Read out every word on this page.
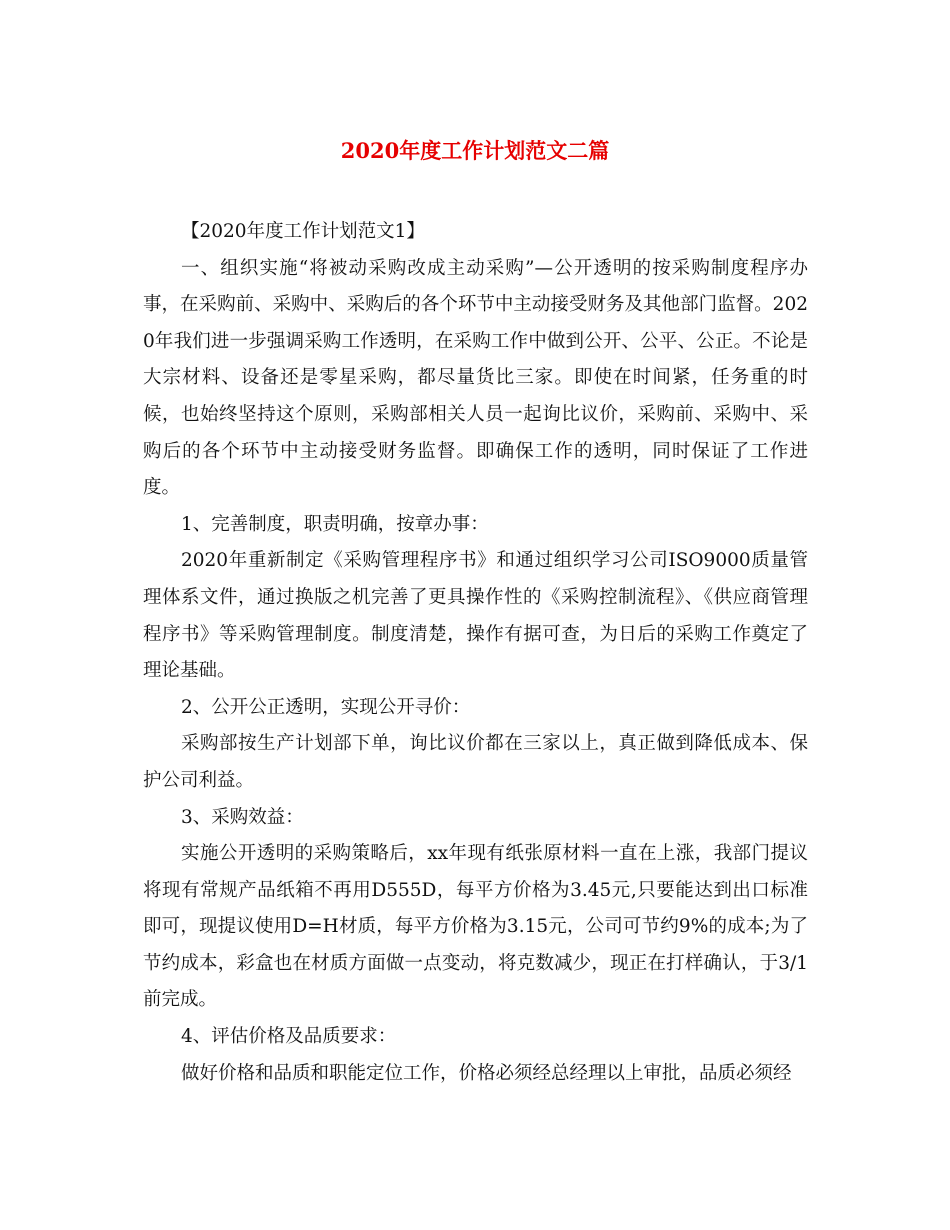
2020年度工作计划范文二篇

【2020年度工作计划范文1】

一、组织实施“将被动采购改成主动采购”—公开透明的按采购制度程序办事，在采购前、采购中、采购后的各个环节中主动接受财务及其他部门监督。2020年我们进一步强调采购工作透明，在采购工作中做到公开、公平、公正。不论是大宗材料、设备还是零星采购，都尽量货比三家。即使在时间紧，任务重的时候，也始终坚持这个原则，采购部相关人员一起询比议价，采购前、采购中、采购后的各个环节中主动接受财务监督。即确保工作的透明，同时保证了工作进度。

1、完善制度，职责明确，按章办事：

2020年重新制定《采购管理程序书》和通过组织学习公司ISO9000质量管理体系文件，通过换版之机完善了更具操作性的《采购控制流程》、《供应商管理程序书》等采购管理制度。制度清楚，操作有据可查，为日后的采购工作奠定了理论基础。

2、公开公正透明，实现公开寻价：

采购部按生产计划部下单，询比议价都在三家以上，真正做到降低成本、保护公司利益。

3、采购效益：

实施公开透明的采购策略后，xx年现有纸张原材料一直在上涨，我部门提议将现有常规产品纸箱不再用D555D，每平方价格为3.45元,只要能达到出口标准即可，现提议使用D=H材质，每平方价格为3.15元，公司可节约9%的成本;为了节约成本，彩盒也在材质方面做一点变动，将克数减少，现正在打样确认，于3/1前完成。

4、评估价格及品质要求：

做好价格和品质和职能定位工作，价格必须经总经理以上审批，品质必须经
